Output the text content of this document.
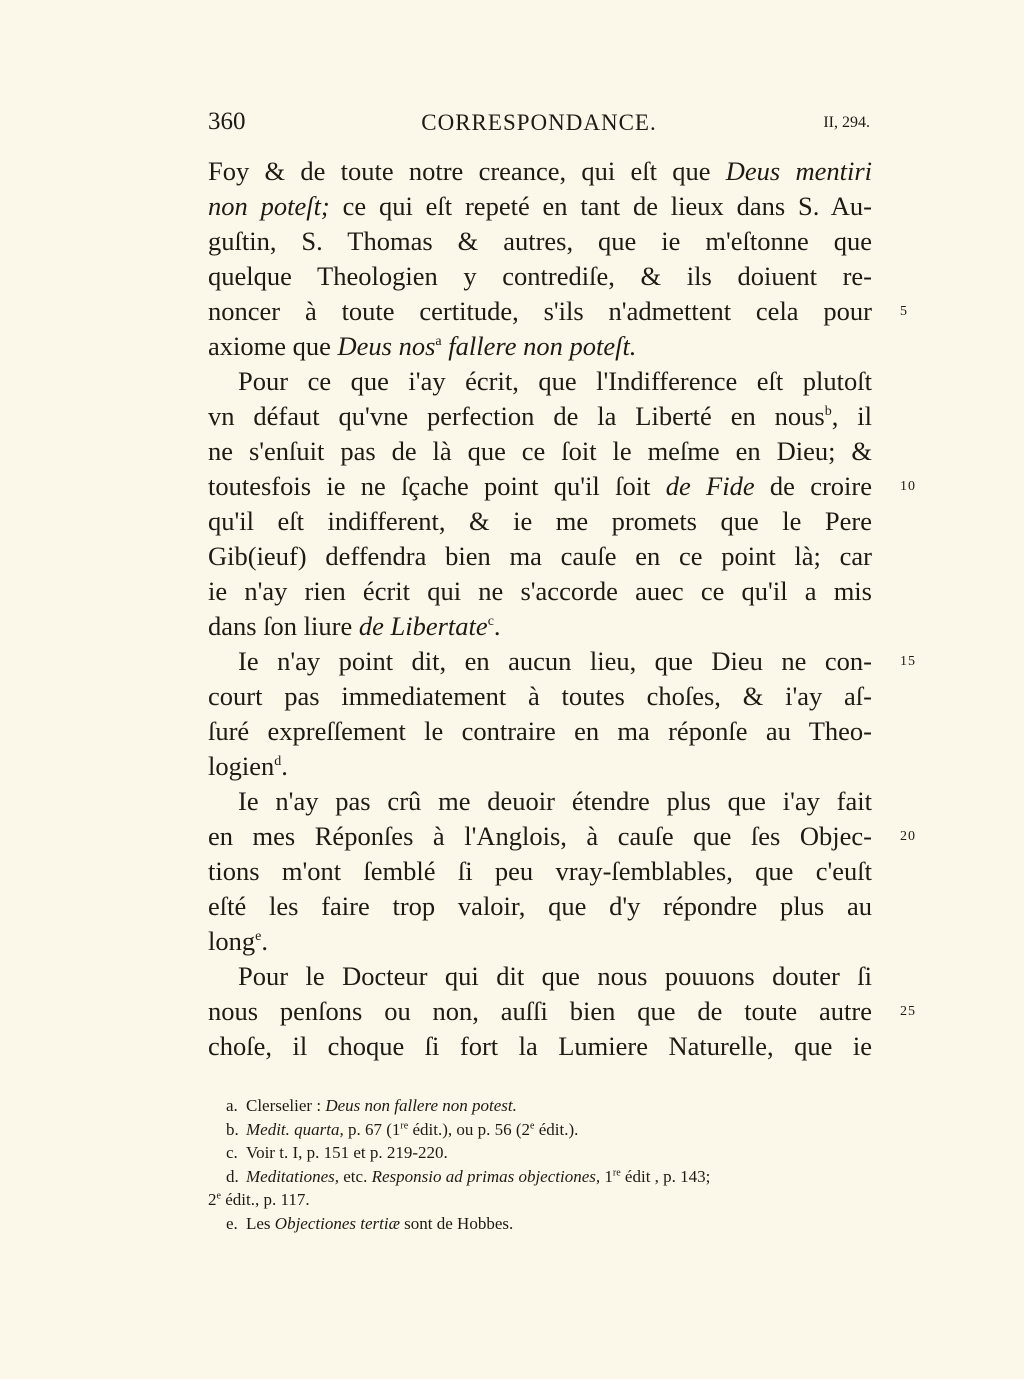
360	CORRESPONDANCE.	II, 294.
Foy & de toute notre creance, qui eſt que Deus mentiri
non poteſt; ce qui eſt repeté en tant de lieux dans S. Au-
guſtin, S. Thomas & autres, que ie m'eſtonne que
quelque Theologien y contrediſe, & ils doiuent re-
noncer à toute certitude, s'ils n'admettent cela pour 5
axiome que Deus nos$^a$ fallere non poteſt.
Pour ce que i'ay écrit, que l'Indifference eſt plutoſt
vn défaut qu'vne perfection de la Liberté en nous$^b$, il
ne s'enſuit pas de là que ce ſoit le meſme en Dieu; &
toutesfois ie ne ſçache point qu'il ſoit de Fide de croire 10
qu'il eſt indifferent, & ie me promets que le Pere
Gib(ieuf) deffendra bien ma cauſe en ce point là; car
ie n'ay rien écrit qui ne s'accorde auec ce qu'il a mis
dans ſon liure de Libertate$^c$.
Ie n'ay point dit, en aucun lieu, que Dieu ne con- 15
court pas immediatement à toutes choſes, & i'ay aſ-
ſuré expreſſement le contraire en ma réponſe au Theo-
logien$^d$.
Ie n'ay pas crû me deuoir étendre plus que i'ay fait
en mes Réponſes à l'Anglois, à cauſe que ſes Objec- 20
tions m'ont ſemblé ſi peu vray-ſemblables, que c'euſt
eſté les faire trop valoir, que d'y répondre plus au
long$^e$.
Pour le Docteur qui dit que nous pouuons douter ſi
nous penſons ou non, auſſi bien que de toute autre 25
choſe, il choque ſi fort la Lumiere Naturelle, que ie
a. Clerselier : Deus non fallere non potest.
b. Medit. quarta, p. 67 (1re édit.), ou p. 56 (2e édit.).
c. Voir t. I, p. 151 et p. 219-220.
d. Meditationes, etc. Responsio ad primas objectiones, 1re édit , p. 143;
2e édit., p. 117.
e. Les Objectiones tertiæ sont de Hobbes.
